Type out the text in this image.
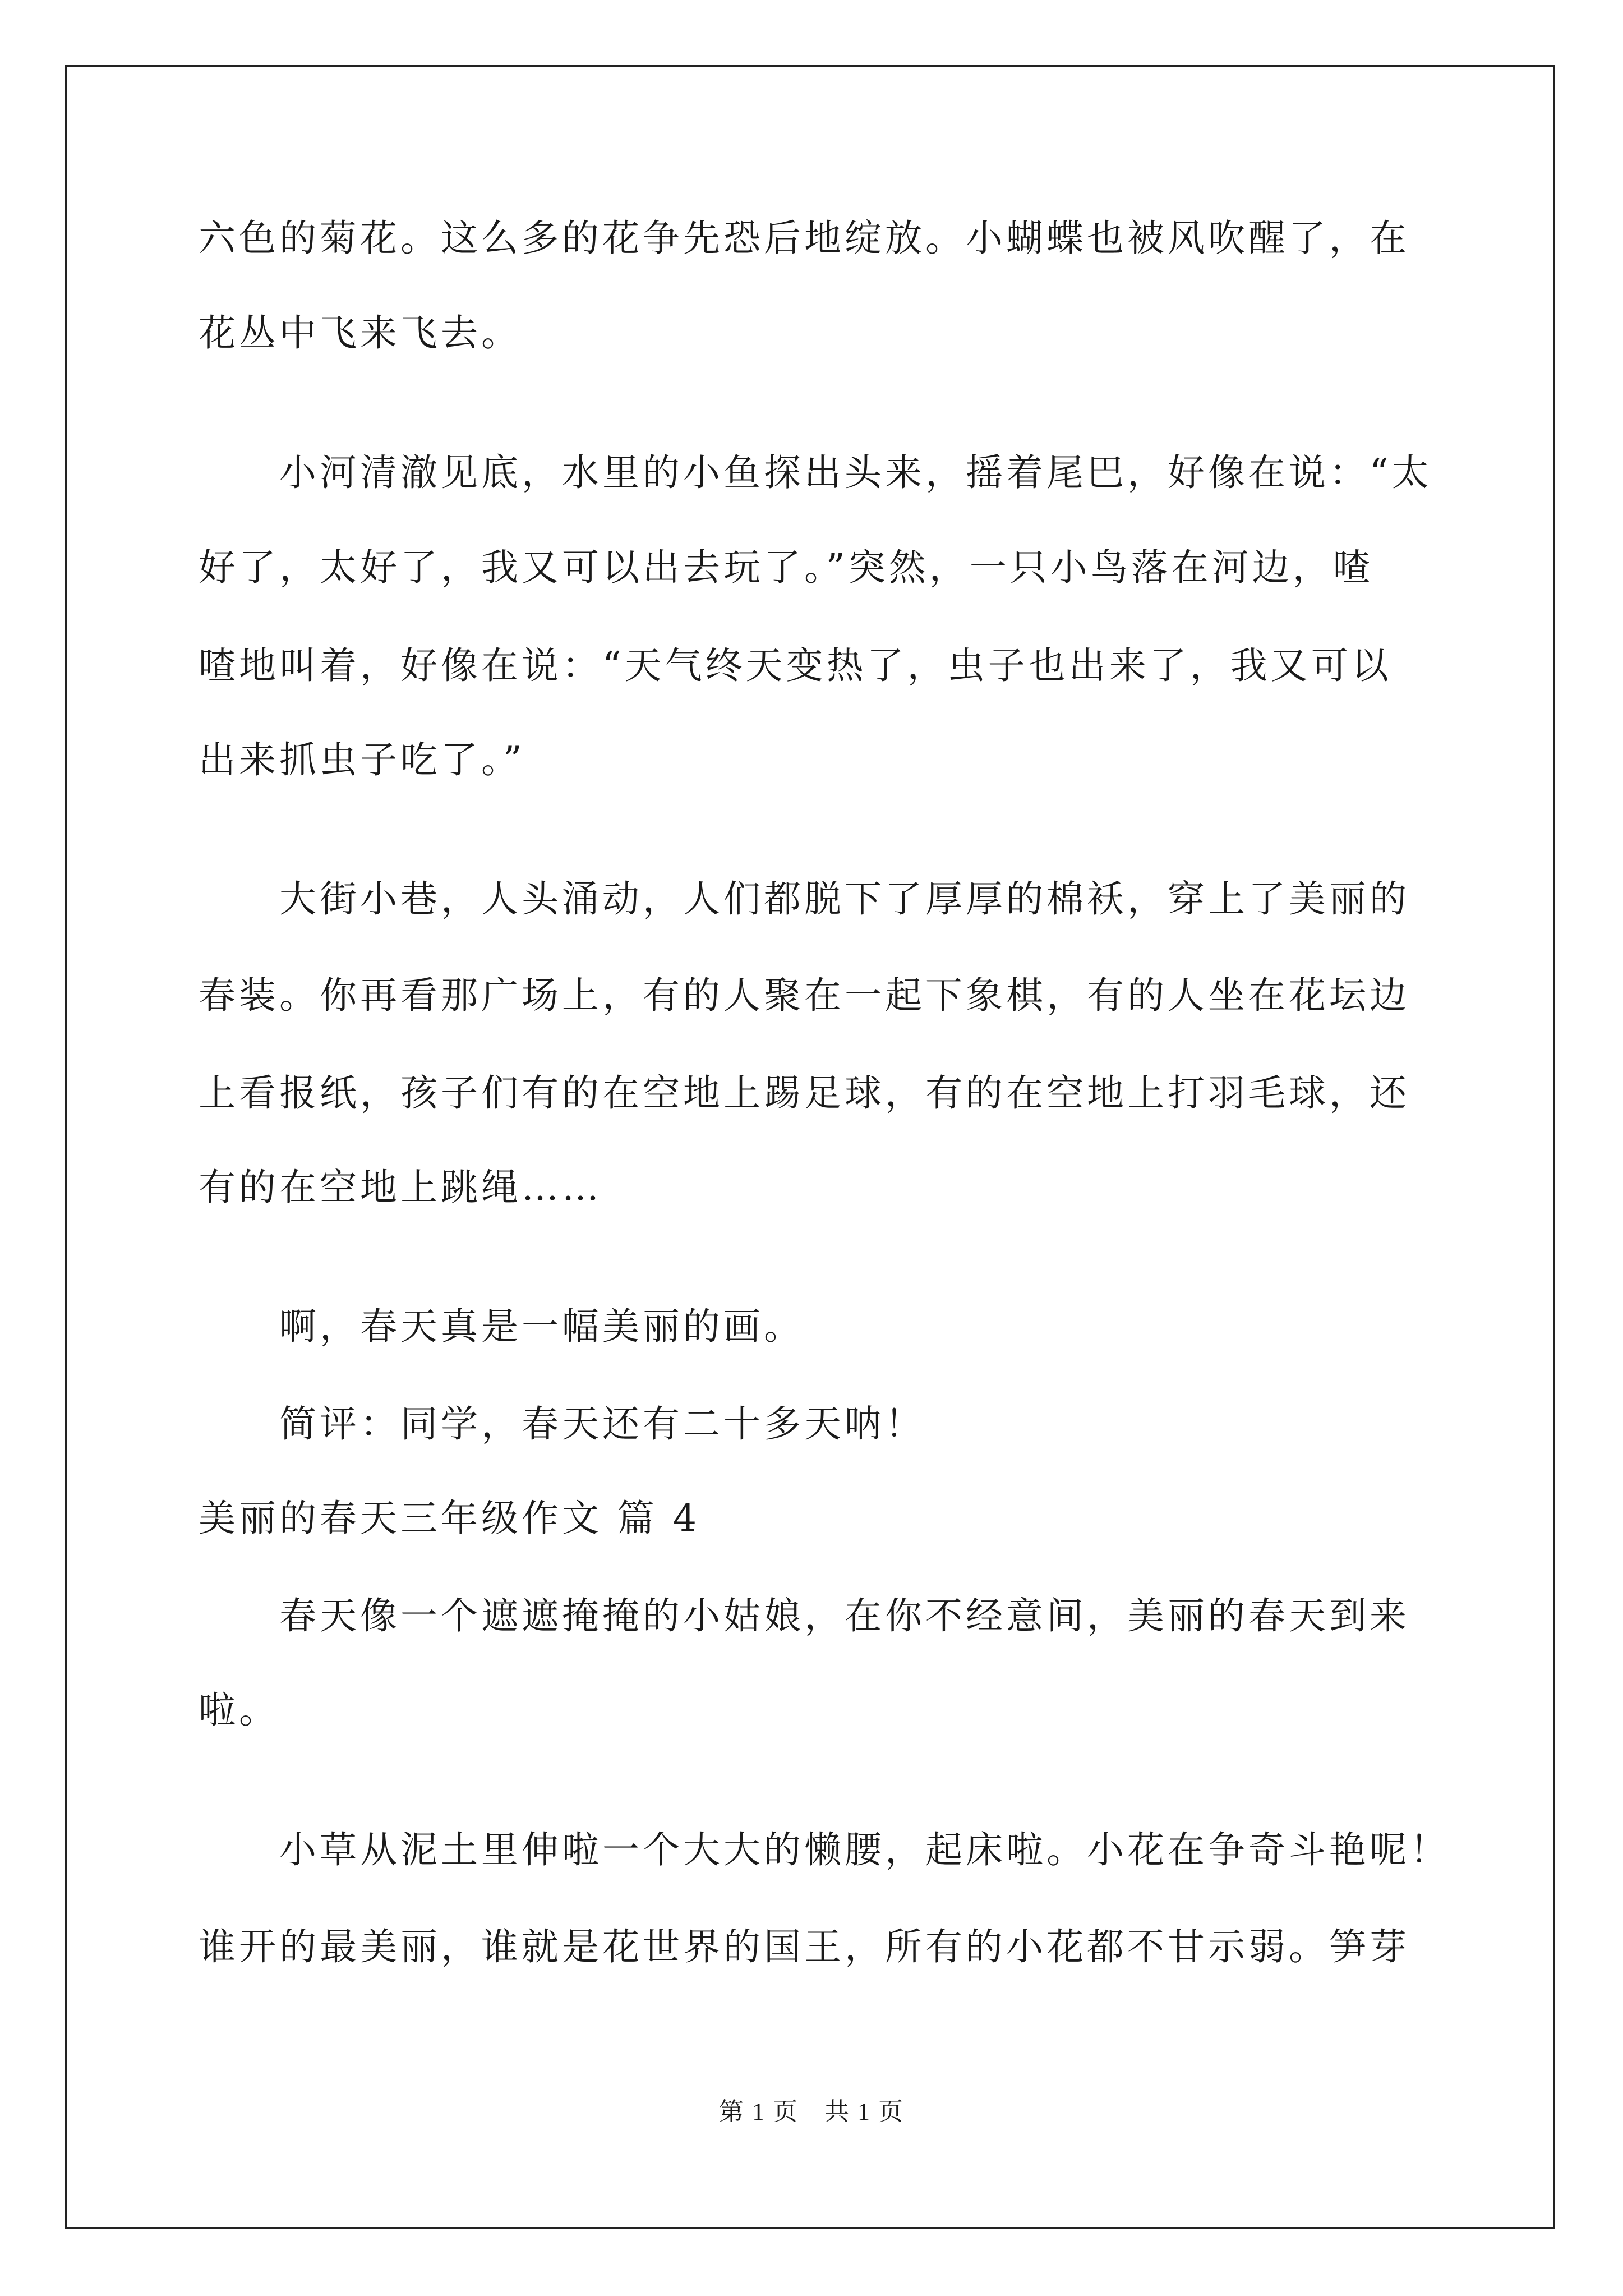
六色的菊花。这么多的花争先恐后地绽放。小蝴蝶也被风吹醒了，在
花丛中飞来飞去。
　　小河清澈见底，水里的小鱼探出头来，摇着尾巴，好像在说：“太
好了，太好了，我又可以出去玩了。”突然，一只小鸟落在河边，喳
喳地叫着，好像在说：“天气终天变热了，虫子也出来了，我又可以
出来抓虫子吃了。”
　　大街小巷，人头涌动，人们都脱下了厚厚的棉袄，穿上了美丽的
春装。你再看那广场上，有的人聚在一起下象棋，有的人坐在花坛边
上看报纸，孩子们有的在空地上踢足球，有的在空地上打羽毛球，还
有的在空地上跳绳……
　　啊，春天真是一幅美丽的画。
　　简评：同学，春天还有二十多天呐！
美丽的春天三年级作文 篇 4
　　春天像一个遮遮掩掩的小姑娘，在你不经意间，美丽的春天到来
啦。
　　小草从泥土里伸啦一个大大的懒腰，起床啦。小花在争奇斗艳呢！
谁开的最美丽，谁就是花世界的国王，所有的小花都不甘示弱。笋芽
第 1 页　共 1 页
